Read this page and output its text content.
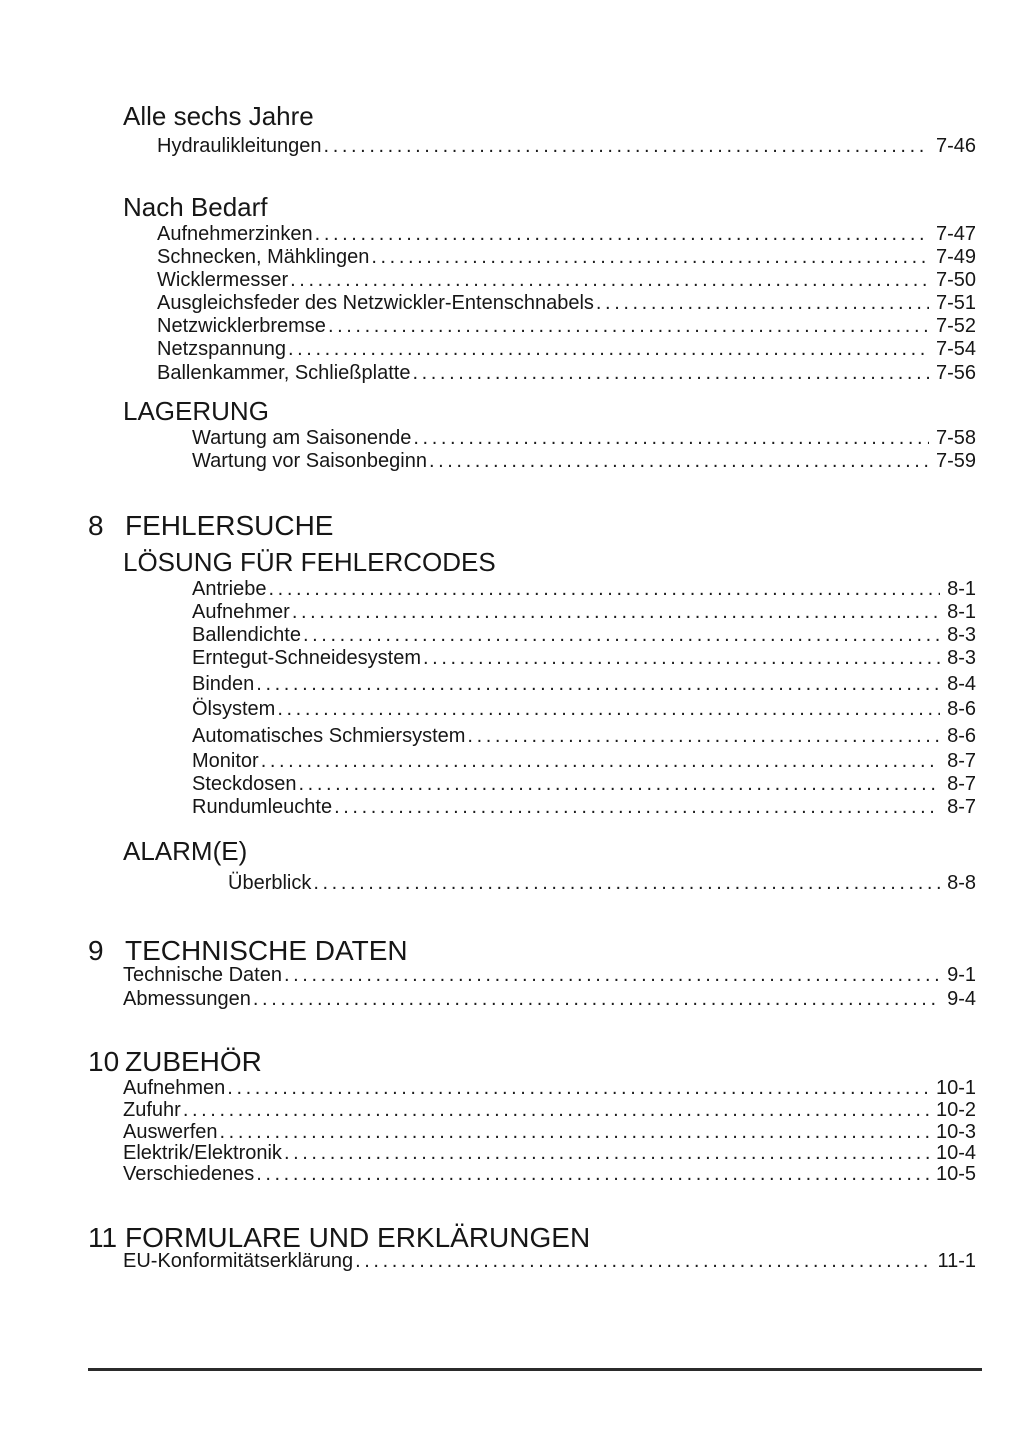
Alle sechs Jahre
Hydraulikleitungen .....	7-46
Nach Bedarf
Aufnehmerzinken .....	7-47
Schnecken, Mähklingen .....	7-49
Wicklermesser .....	7-50
Ausgleichsfeder des Netzwickler-Entenschnabels .....	7-51
Netzwicklerbremse .....	7-52
Netzspannung .....	7-54
Ballenkammer, Schließplatte .....	7-56
LAGERUNG
Wartung am Saisonende .....	7-58
Wartung vor Saisonbeginn .....	7-59
8 FEHLERSUCHE
LÖSUNG FÜR FEHLERCODES
Antriebe .....	8-1
Aufnehmer .....	8-1
Ballendichte .....	8-3
Erntegut-Schneidesystem .....	8-3
Binden .....	8-4
Ölsystem .....	8-6
Automatisches Schmiersystem .....	8-6
Monitor .....	8-7
Steckdosen .....	8-7
Rundumleuchte .....	8-7
ALARM(E)
Überblick .....	8-8
9 TECHNISCHE DATEN
Technische Daten .....	9-1
Abmessungen .....	9-4
10 ZUBEHÖR
Aufnehmen .....	10-1
Zufuhr .....	10-2
Auswerfen .....	10-3
Elektrik/Elektronik .....	10-4
Verschiedenes .....	10-5
11 FORMULARE UND ERKLÄRUNGEN
EU-Konformitätserklärung .....	11-1
